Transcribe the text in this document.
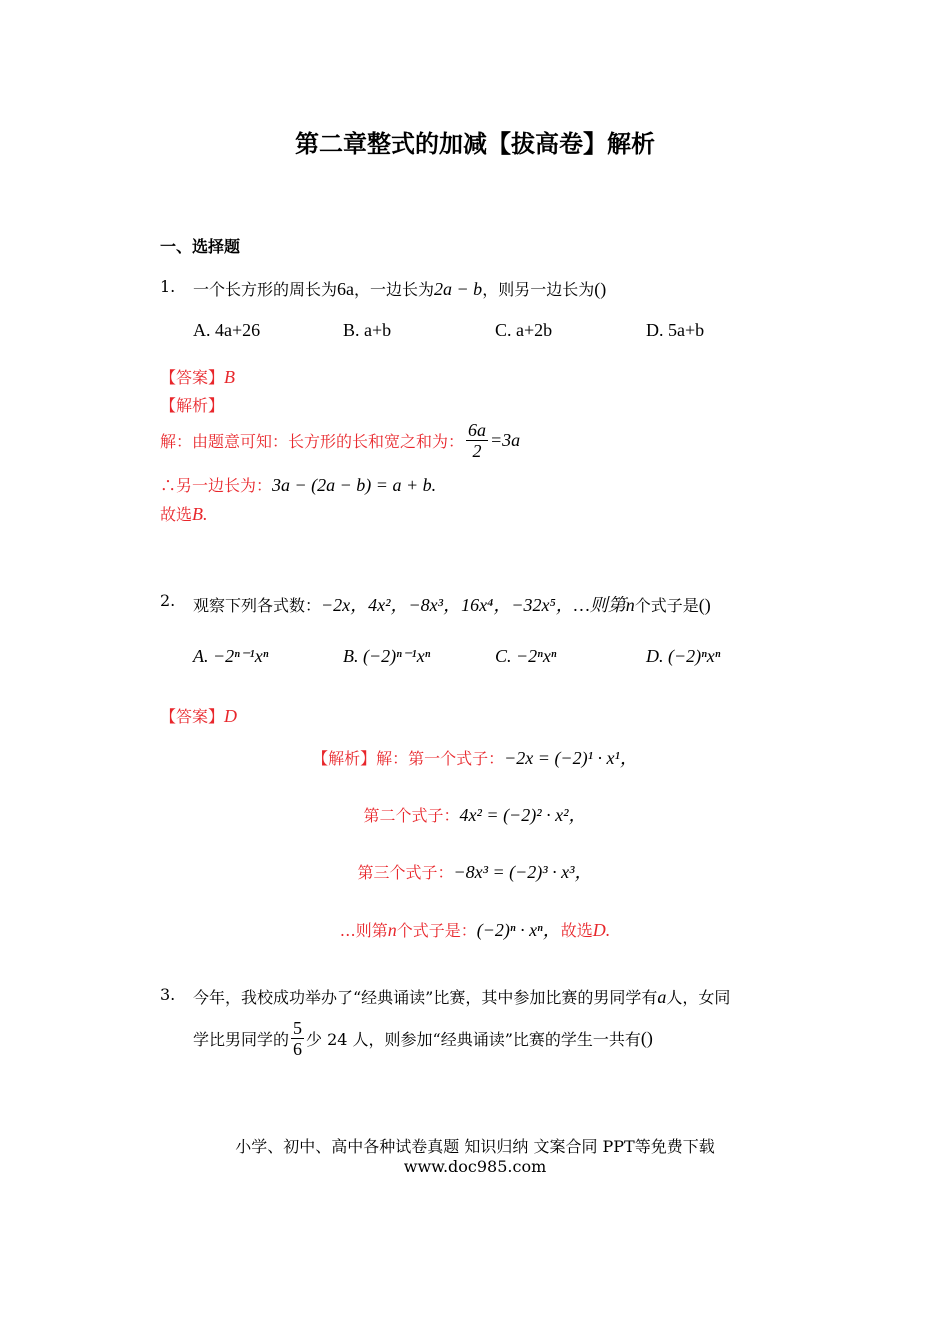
第二章整式的加减【拔高卷】解析
一、选择题
1. 一个长方形的周长为6a，一边长为2a − b，则另一边长为()
A. 4a+26	B. a+b	C. a+2b	D. 5a+b
【答案】B
【解析】
解：由题意可知：长方形的长和宽之和为： $\frac{6a}{2} =3a$
∴另一边长为：3a − (2a − b) = a + b.
故选B.
2. 观察下列各式数：−2x，4x²，−8x³，16x⁴，−32x⁵，…则第n个式子是()
A. −2ⁿ⁻¹xⁿ	B. (−2)ⁿ⁻¹xⁿ	C. −2ⁿxⁿ	D. (−2)ⁿxⁿ
【答案】D
【解析】解：第一个式子：−2x = (−2)¹ · x¹，
第二个式子：4x² = (−2)² · x²，
第三个式子：−8x³ = (−2)³ · x³，
…则第n个式子是：(−2)ⁿ · xⁿ，故选D.
3. 今年，我校成功举办了“经典诵读”比赛，其中参加比赛的男同学有a人，女同
学比男同学的 $\frac{5}{6}$ 少 24 人，则参加“经典诵读”比赛的学生一共有()
小学、初中、高中各种试卷真题 知识归纳 文案合同 PPT等免费下载
www.doc985.com
